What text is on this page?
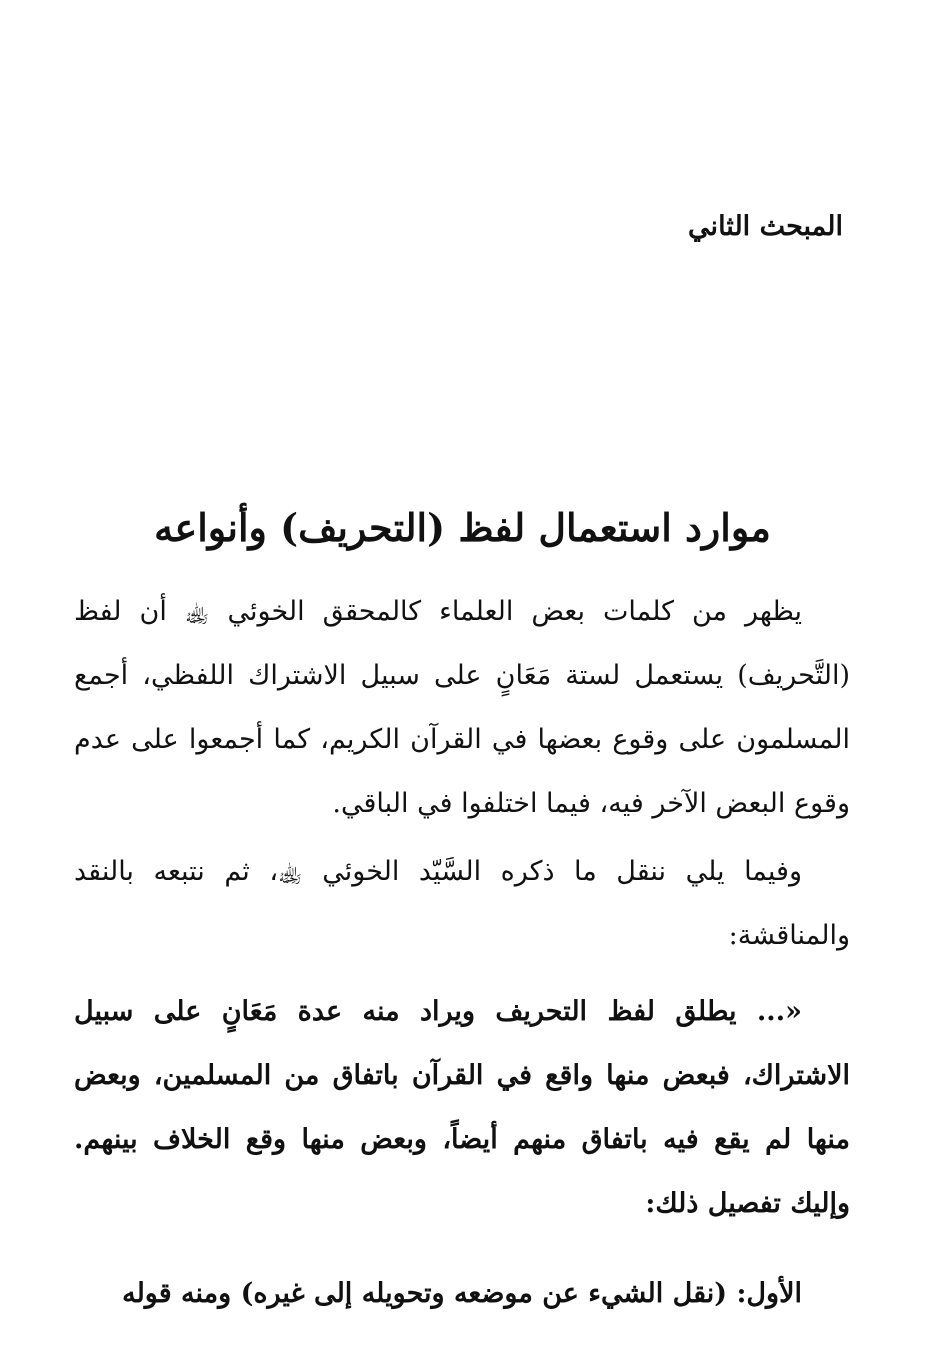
المبحث الثاني
موارد استعمال لفظ (التحريف) وأنواعه
يظهر من كلمات بعض العلماء كالمحقق الخوئي ﵀ أن لفظ (التَّحريف) يستعمل لستة مَعَانٍ على سبيل الاشتراك اللفظي، أجمع المسلمون على وقوع بعضها في القرآن الكريم، كما أجمعوا على عدم وقوع البعض الآخر فيه، فيما اختلفوا في الباقي.
وفيما يلي ننقل ما ذكره السَّيّد الخوئي ﵀، ثم نتبعه بالنقد والمناقشة:
«... يطلق لفظ التحريف ويراد منه عدة مَعَانٍ على سبيل الاشتراك، فبعض منها واقع في القرآن باتفاق من المسلمين، وبعض منها لم يقع فيه باتفاق منهم أيضاً، وبعض منها وقع الخلاف بينهم. وإليك تفصيل ذلك:
الأول: (نقل الشيء عن موضعه وتحويله إلى غيره) ومنه قوله
